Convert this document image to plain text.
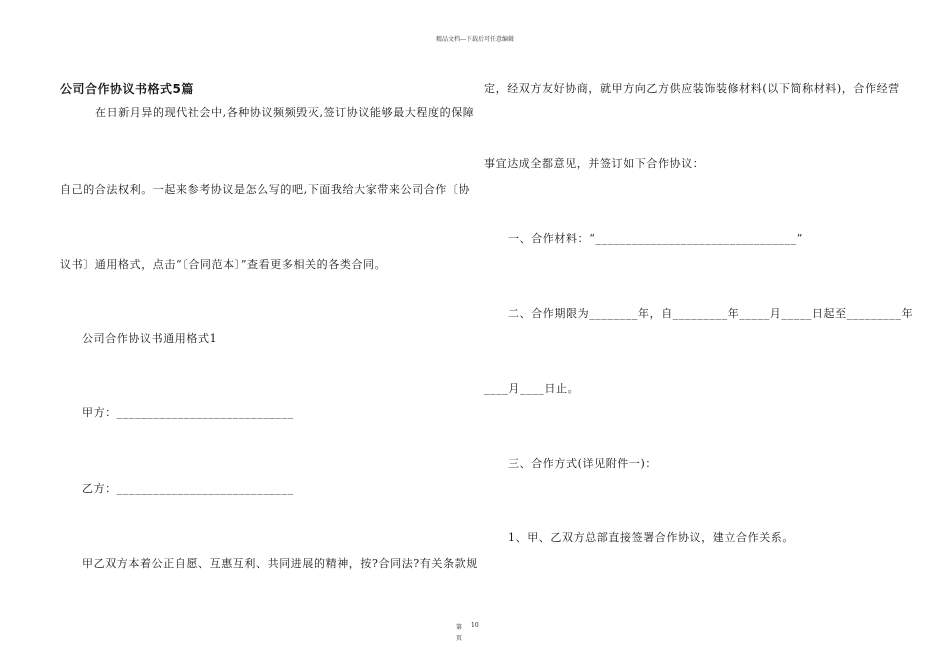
精品文档---下载后可任意编辑
公司合作协议书格式5篇
在日新月异的现代社会中,各种协议频频毁灭,签订协议能够最大程度的保障
自己的合法权利。一起来参考协议是怎么写的吧,下面我给大家带来公司合作〔协
议书〕通用格式，点击“〔合同范本〕”查看更多相关的各类合同。
公司合作协议书通用格式1
甲方：_____________________________
乙方：_____________________________
甲乙双方本着公正自愿、互惠互利、共同进展的精神，按?合同法?有关条款规
定，经双方友好协商，就甲方向乙方供应装饰装修材料(以下简称材料)，合作经营
事宜达成全都意见，并签订如下合作协议：
一、合作材料：“_________________________________”
二、合作期限为________年，自_________年_____月_____日起至_________年
____月____日止。
三、合作方式(详见附件一)：
1、甲、乙双方总部直接签署合作协议，建立合作关系。
第 10
页
